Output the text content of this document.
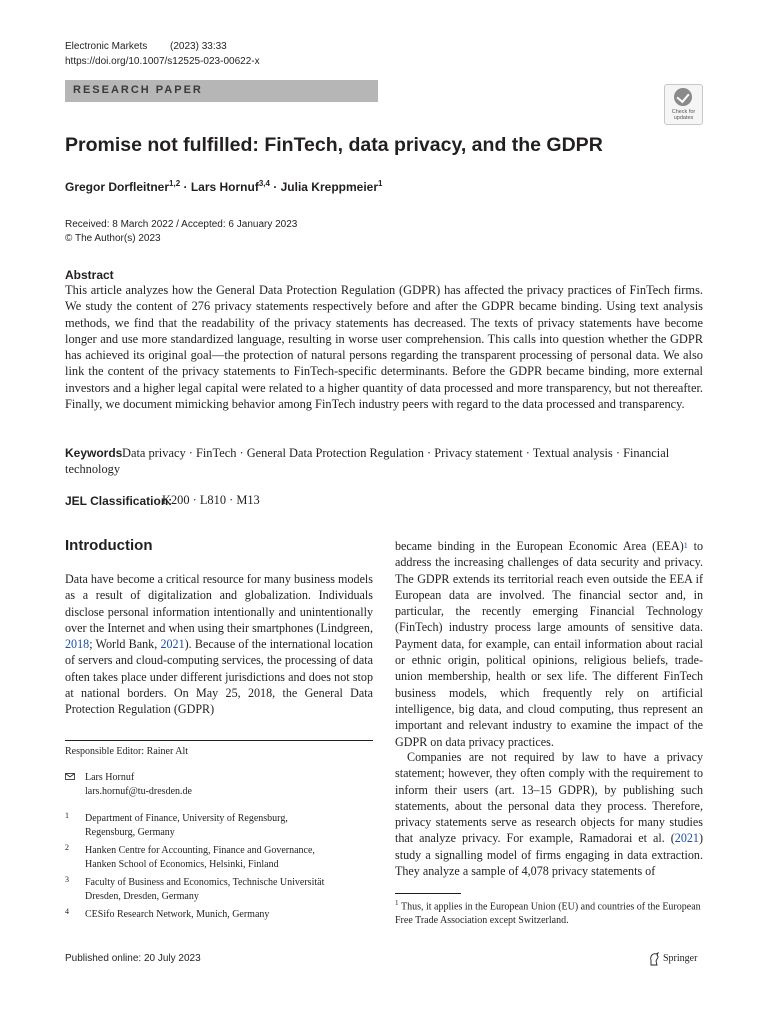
Electronic Markets (2023) 33:33
https://doi.org/10.1007/s12525-023-00622-x
RESEARCH PAPER
Check for
updates
Promise not fulfilled: FinTech, data privacy, and the GDPR
Gregor Dorfleitner$^{1,2}$ · Lars Hornuf$^{3,4}$ · Julia Kreppmeier$^1$
Received: 8 March 2022 / Accepted: 6 January 2023
© The Author(s) 2023
Abstract
This article analyzes how the General Data Protection Regulation (GDPR) has affected the privacy practices of FinTech firms. We study the content of 276 privacy statements respectively before and after the GDPR became binding. Using text analysis methods, we find that the readability of the privacy statements has decreased. The texts of privacy statements have become longer and use more standardized language, resulting in worse user comprehension. This calls into question whether the GDPR has achieved its original goal—the protection of natural persons regarding the transparent processing of personal data. We also link the content of the privacy statements to FinTech-specific determinants. Before the GDPR became binding, more external investors and a higher legal capital were related to a higher quantity of data processed and more transparency, but not thereafter. Finally, we document mimicking behavior among FinTech industry peers with regard to the data processed and transparency.
Data privacy · FinTech · General Data Protection Regulation · Privacy statement · Textual analysis · Financial technology
Keywords
JEL Classification:
K200 · L810 · M13
Introduction
Data have become a critical resource for many business models as a result of digitalization and globalization. Individuals disclose personal information intentionally and unintentionally over the Internet and when using their smartphones (Lindgreen, 2018; World Bank, 2021). Because of the international location of servers and cloud-computing services, the processing of data often takes place under different jurisdictions and does not stop at national borders. On May 25, 2018, the General Data Protection Regulation (GDPR)
became binding in the European Economic Area (EEA)$^1$ to address the increasing challenges of data security and privacy. The GDPR extends its territorial reach even outside the EEA if European data are involved. The financial sector and, in particular, the recently emerging Financial Technology (FinTech) industry process large amounts of sensitive data. Payment data, for example, can entail information about racial or ethnic origin, political opinions, religious beliefs, trade-union membership, health or sex life. The different FinTech business models, which frequently rely on artificial intelligence, big data, and cloud computing, thus represent an important and relevant industry to examine the impact of the GDPR on data privacy practices.
Companies are not required by law to have a privacy statement; however, they often comply with the requirement to inform their users (art. 13–15 GDPR), by publishing such statements, about the personal data they process. Therefore, privacy statements serve as research objects for many studies that analyze privacy. For example, Ramadorai et al. (2021) study a signalling model of firms engaging in data extraction. They analyze a sample of 4,078 privacy statements of
Responsible Editor: Rainer Alt
Lars Hornuf
lars.hornuf@tu-dresden.de
1 Department of Finance, University of Regensburg,
Regensburg, Germany
2 Hanken Centre for Accounting, Finance and Governance,
Hanken School of Economics, Helsinki, Finland
3 Faculty of Business and Economics, Technische Universität
Dresden, Dresden, Germany
4 CESifo Research Network, Munich, Germany
$^1$ Thus, it applies in the European Union (EU) and countries of the European Free Trade Association except Switzerland.
Published online: 20 July 2023	Springer
